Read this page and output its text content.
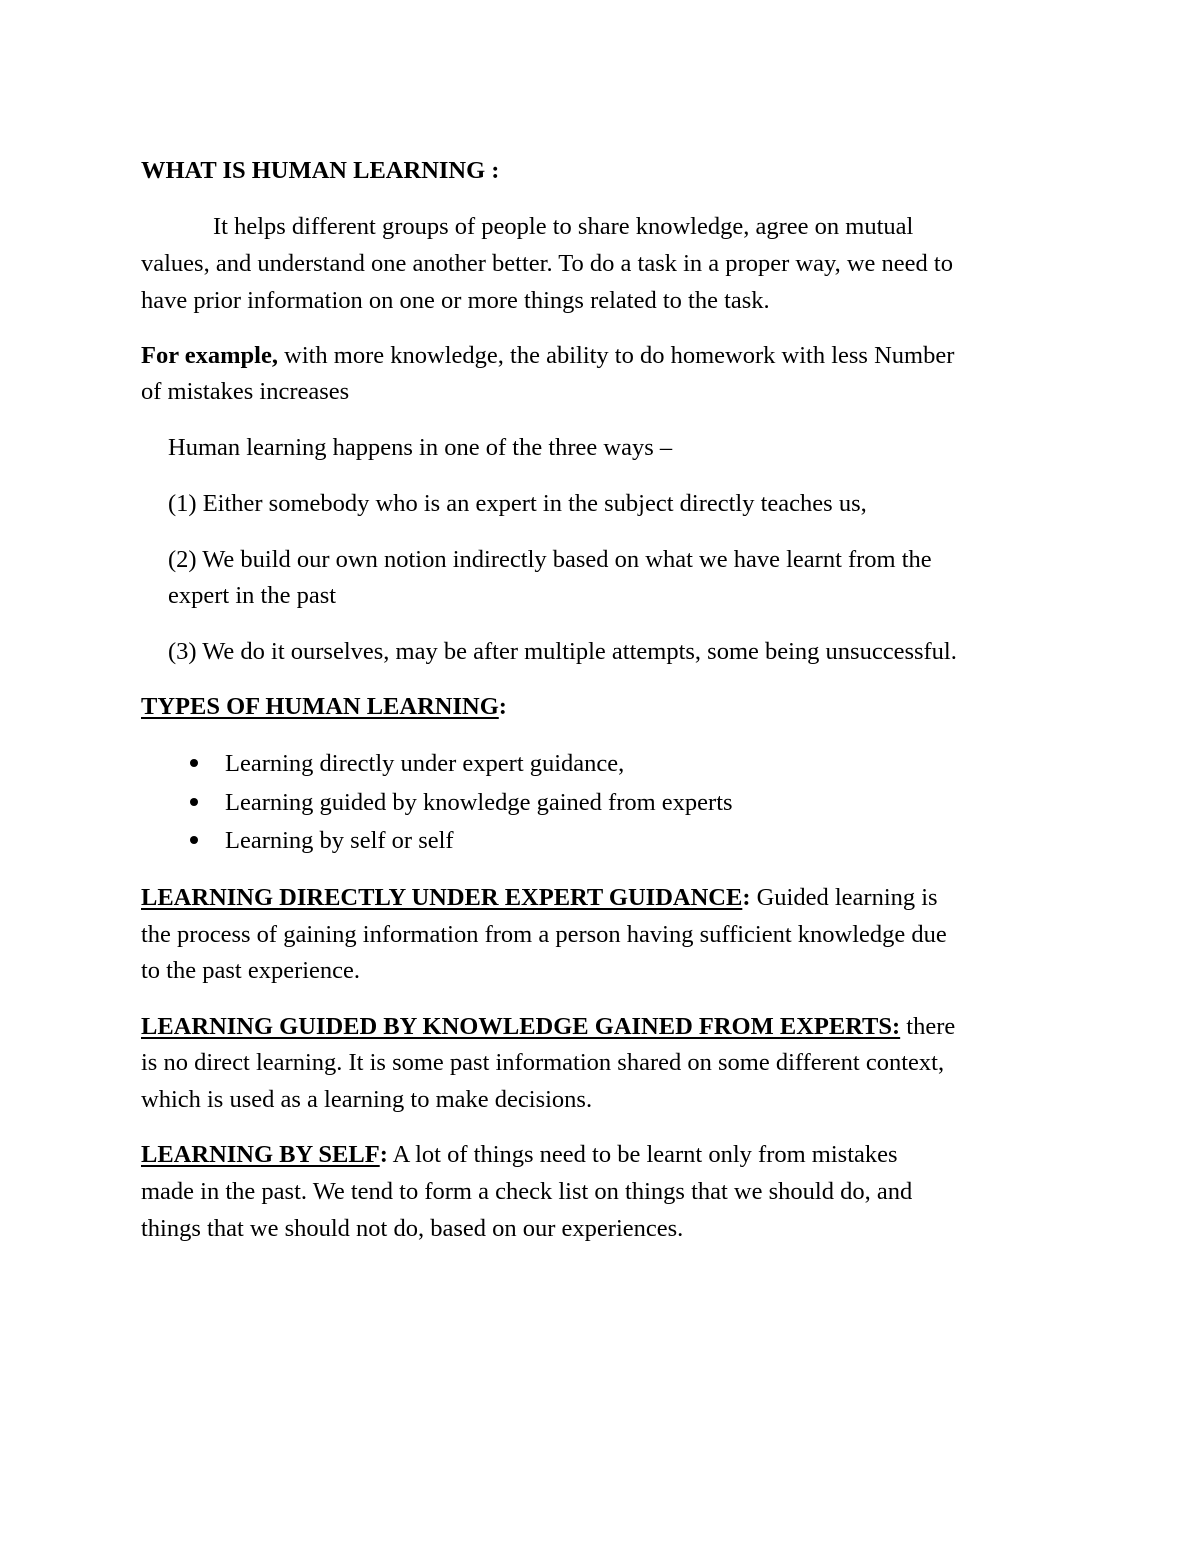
WHAT IS HUMAN LEARNING :
It helps different groups of people to share knowledge, agree on mutual
values, and understand one another better. To do a task in a proper way, we need to
have prior information on one or more things related to the task.
For example, with more knowledge, the ability to do homework with less Number
of mistakes increases
Human learning happens in one of the three ways –
(1) Either somebody who is an expert in the subject directly teaches us,
(2) We build our own notion indirectly based on what we have learnt from the
expert in the past
(3) We do it ourselves, may be after multiple attempts, some being unsuccessful.
TYPES OF HUMAN LEARNING:
Learning directly under expert guidance,
Learning guided by knowledge gained from experts
Learning by self or self
LEARNING DIRECTLY UNDER EXPERT GUIDANCE: Guided learning is
the process of gaining information from a person having sufficient knowledge due
to the past experience.
LEARNING GUIDED BY KNOWLEDGE GAINED FROM EXPERTS: there
is no direct learning. It is some past information shared on some different context,
which is used as a learning to make decisions.
LEARNING BY SELF: A lot of things need to be learnt only from mistakes
made in the past. We tend to form a check list on things that we should do, and
things that we should not do, based on our experiences.
